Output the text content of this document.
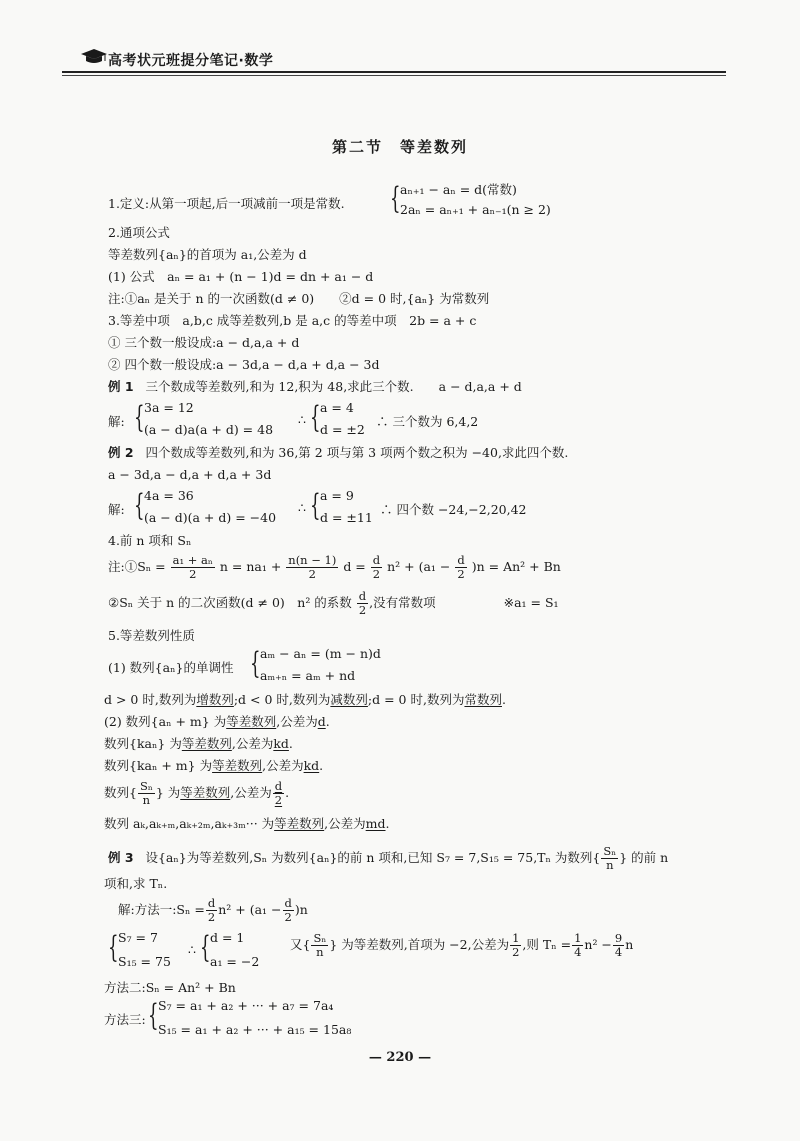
高考状元班提分笔记·数学
第二节　等差数列
1.定义:从第一项起,后一项减前一项是常数. { aₙ₊₁ − aₙ = d(常数)
2aₙ = aₙ₊₁ + aₙ₋₁(n ≥ 2)
2.通项公式
等差数列{aₙ}的首项为 a₁,公差为 d
(1) 公式　aₙ = a₁ + (n − 1)d = dn + a₁ − d
注:①aₙ 是关于 n 的一次函数(d ≠ 0)　　②d = 0 时,{aₙ} 为常数列
3.等差中项　a,b,c 成等差数列,b 是 a,c 的等差中项　2b = a + c
① 三个数一般设成:a − d,a,a + d
② 四个数一般设成:a − 3d,a − d,a + d,a − 3d
例 1 三个数成等差数列,和为 12,积为 48,求此三个数.　　a − d,a,a + d
解: { 3a = 12
(a − d)a(a + d) = 48
∴ { a = 4
d = ±2
∴ 三个数为 6,4,2
例 2 四个数成等差数列,和为 36,第 2 项与第 3 项两个数之积为 −40,求此四个数.
a − 3d,a − d,a + d,a + 3d
解: { 4a = 36
(a − d)(a + d) = −40
∴ { a = 9
d = ±11
∴ 四个数 −24,−2,20,42
4.前 n 项和 Sₙ
注:①Sₙ = $\frac{\text{a₁ + aₙ}}{2}$ $n = na_1 + \frac{n(n - 1)}{2}$ $d = \frac{d}{2} n^2 + (a_1 - \frac{d}{2} )n = An^2 + Bn$
②Sₙ 关于 n 的二次函数(d ≠ 0)　n² 的系数 $\frac{d}{2}$ ,没有常数项	※a₁ = S₁
5.等差数列性质
(1) 数列{aₙ}的单调性 { aₘ − aₙ = (m − n)d
aₘ₊ₙ = aₘ + nd
d > 0 时,数列为增数列;d < 0 时,数列为减数列;d = 0 时,数列为常数列.
(2) 数列{aₙ + m} 为等差数列,公差为d.
数列{kaₙ} 为等差数列,公差为kd.
数列{kaₙ + m} 为等差数列,公差为kd.
数列{ $\frac{\text{Sₙ}}{n}$ } 为等差数列,公差为 $\frac{d}{2}$ .
数列 aₖ,aₖ₊ₘ,aₖ₊₂ₘ,aₖ₊₃ₘ··· 为等差数列,公差为md.
例 3 设{aₙ}为等差数列,Sₙ 为数列{aₙ}的前 n 项和,已知 S₇ = 7,S₁₅ = 75,Tₙ 为数列{ $\frac{\text{Sₙ}}{n}$ } 的前 n
项和,求 Tₙ.
解:方法一:Sₙ = $\frac{d}{2} n^2 + (a_1 - \frac{d}{2} )n$
{ S₇ = 7
S₁₅ = 75
∴ { d = 1
a₁ = −2
又{ $\frac{\text{Sₙ}}{n}$ } 为等差数列,首项为 −2,公差为 $\frac{1}{2}$ ,则 $T_n = \frac{1}{4} n^2 - \frac{9}{4}$ n
方法二:Sₙ = An² + Bn
方法三: { S₇ = a₁ + a₂ + ··· + a₇ = 7a₄
S₁₅ = a₁ + a₂ + ··· + a₁₅ = 15a₈
— 220 —
